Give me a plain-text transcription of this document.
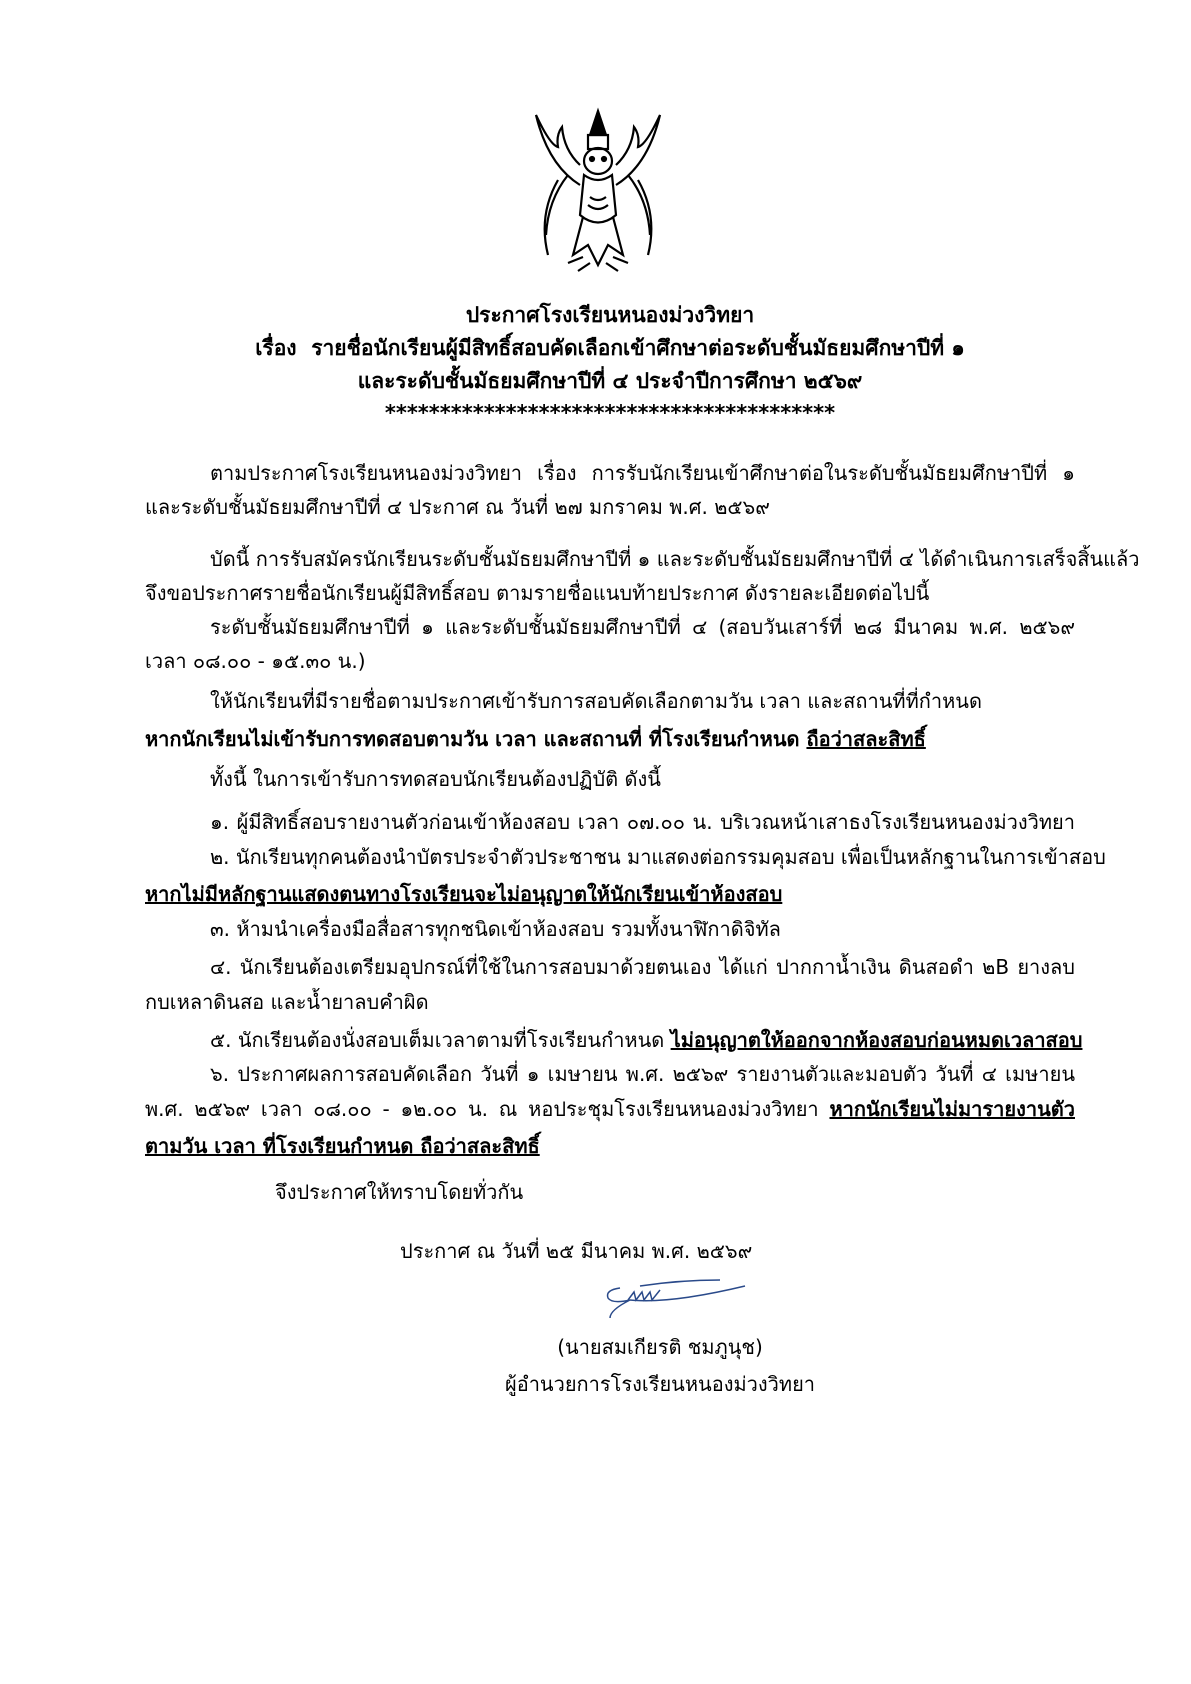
ประกาศโรงเรียนหนองม่วงวิทยา
เรื่อง รายชื่อนักเรียนผู้มีสิทธิ์สอบคัดเลือกเข้าศึกษาต่อระดับชั้นมัธยมศึกษาปีที่ ๑
และระดับชั้นมัธยมศึกษาปีที่ ๔ ประจำปีการศึกษา ๒๕๖๙
*****************************************
ตามประกาศโรงเรียนหนองม่วงวิทยา เรื่อง การรับนักเรียนเข้าศึกษาต่อในระดับชั้นมัธยมศึกษาปีที่ ๑
และระดับชั้นมัธยมศึกษาปีที่ ๔ ประกาศ ณ วันที่ ๒๗ มกราคม พ.ศ. ๒๕๖๙
บัดนี้ การรับสมัครนักเรียนระดับชั้นมัธยมศึกษาปีที่ ๑ และระดับชั้นมัธยมศึกษาปีที่ ๔ ได้ดำเนินการเสร็จสิ้นแล้ว
จึงขอประกาศรายชื่อนักเรียนผู้มีสิทธิ์สอบ ตามรายชื่อแนบท้ายประกาศ ดังรายละเอียดต่อไปนี้
ระดับชั้นมัธยมศึกษาปีที่ ๑ และระดับชั้นมัธยมศึกษาปีที่ ๔ (สอบวันเสาร์ที่ ๒๘ มีนาคม พ.ศ. ๒๕๖๙
เวลา ๐๘.๐๐ - ๑๕.๓๐ น.)
ให้นักเรียนที่มีรายชื่อตามประกาศเข้ารับการสอบคัดเลือกตามวัน เวลา และสถานที่ที่กำหนด
หากนักเรียนไม่เข้ารับการทดสอบตามวัน เวลา และสถานที่ ที่โรงเรียนกำหนด ถือว่าสละสิทธิ์
ทั้งนี้ ในการเข้ารับการทดสอบนักเรียนต้องปฏิบัติ ดังนี้
๑. ผู้มีสิทธิ์สอบรายงานตัวก่อนเข้าห้องสอบ เวลา ๐๗.๐๐ น. บริเวณหน้าเสาธงโรงเรียนหนองม่วงวิทยา
๒. นักเรียนทุกคนต้องนำบัตรประจำตัวประชาชน มาแสดงต่อกรรมคุมสอบ เพื่อเป็นหลักฐานในการเข้าสอบ
หากไม่มีหลักฐานแสดงตนทางโรงเรียนจะไม่อนุญาตให้นักเรียนเข้าห้องสอบ
๓. ห้ามนำเครื่องมือสื่อสารทุกชนิดเข้าห้องสอบ รวมทั้งนาฬิกาดิจิทัล
๔. นักเรียนต้องเตรียมอุปกรณ์ที่ใช้ในการสอบมาด้วยตนเอง ได้แก่ ปากกาน้ำเงิน ดินสอดำ ๒B ยางลบ
กบเหลาดินสอ และน้ำยาลบคำผิด
๕. นักเรียนต้องนั่งสอบเต็มเวลาตามที่โรงเรียนกำหนด ไม่อนุญาตให้ออกจากห้องสอบก่อนหมดเวลาสอบ
๖. ประกาศผลการสอบคัดเลือก วันที่ ๑ เมษายน พ.ศ. ๒๕๖๙ รายงานตัวและมอบตัว วันที่ ๔ เมษายน
พ.ศ. ๒๕๖๙ เวลา ๐๘.๐๐ - ๑๒.๐๐ น. ณ หอประชุมโรงเรียนหนองม่วงวิทยา หากนักเรียนไม่มารายงานตัว
ตามวัน เวลา ที่โรงเรียนกำหนด ถือว่าสละสิทธิ์
จึงประกาศให้ทราบโดยทั่วกัน
ประกาศ ณ วันที่ ๒๕ มีนาคม พ.ศ. ๒๕๖๙
(นายสมเกียรติ ชมภูนุช)
ผู้อำนวยการโรงเรียนหนองม่วงวิทยา
